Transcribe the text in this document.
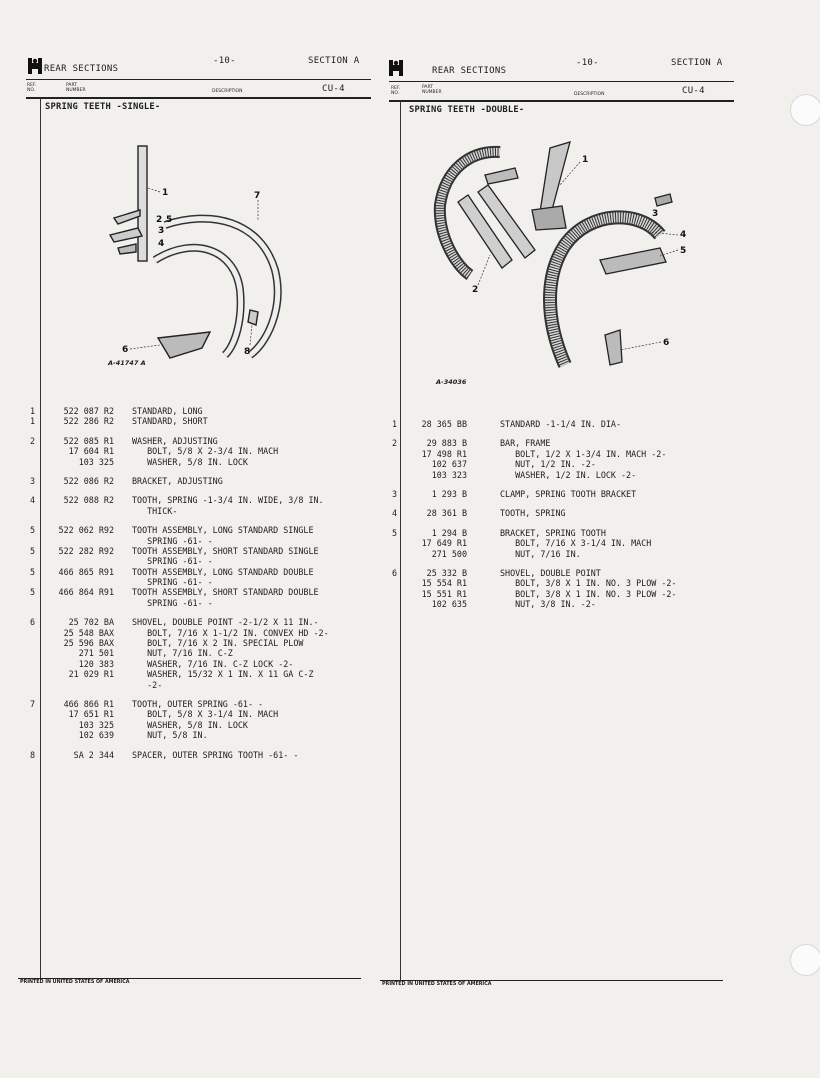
-10-	SECTION A
REAR SECTIONS
CU-4
REF.
NO.
PART
NUMBER	DESCRIPTION
SPRING TEETH -SINGLE-
1
2 5
3
4
7
6	8
A-41747 A
1	522 087 R2 STANDARD, LONG
1	522 286 R2 STANDARD, SHORT
2	522 085 R1 WASHER, ADJUSTING
17 604 R1 BOLT, 5/8 X 2-3/4 IN. MACH
103 325 WASHER, 5/8 IN. LOCK
3	522 086 R2 BRACKET, ADJUSTING
4	522 088 R2 TOOTH, SPRING -1-3/4 IN. WIDE, 3/8 IN.
THICK-
5	522 062 R92 TOOTH ASSEMBLY, LONG STANDARD SINGLE
SPRING -61- -
5	522 282 R92 TOOTH ASSEMBLY, SHORT STANDARD SINGLE
SPRING -61- -
5	466 865 R91 TOOTH ASSEMBLY, LONG STANDARD DOUBLE
SPRING -61- -
5	466 864 R91 TOOTH ASSEMBLY, SHORT STANDARD DOUBLE
SPRING -61- -
6	25 702 BA SHOVEL, DOUBLE POINT -2-1/2 X 11 IN.-
25 548 BAX BOLT, 7/16 X 1-1/2 IN. CONVEX HD -2-
25 596 BAX BOLT, 7/16 X 2 IN. SPECIAL PLOW
271 501 NUT, 7/16 IN. C-Z
120 383 WASHER, 7/16 IN. C-Z LOCK -2-
21 029 R1 WASHER, 15/32 X 1 IN. X 11 GA C-Z
-2-
7	466 866 R1 TOOTH, OUTER SPRING -61- -
17 651 R1 BOLT, 5/8 X 3-1/4 IN. MACH
103 325 WASHER, 5/8 IN. LOCK
102 639 NUT, 5/8 IN.
8	SA 2 344 SPACER, OUTER SPRING TOOTH -61- -
PRINTED IN UNITED STATES OF AMERICA
-10-	SECTION A
REAR SECTIONS
CU-4
REF.
NO.
PART
NUMBER	DESCRIPTION
SPRING TEETH -DOUBLE-
1
2
3
4
5
6
A-34036
1	28 365 BB	STANDARD -1-1/4 IN. DIA-
2	29 883 B	BAR, FRAME
17 498 R1	BOLT, 1/2 X 1-3/4 IN. MACH -2-
102 637	NUT, 1/2 IN. -2-
103 323	WASHER, 1/2 IN. LOCK -2-
3	1 293 B	CLAMP, SPRING TOOTH BRACKET
4	28 361 B	TOOTH, SPRING
5	1 294 B	BRACKET, SPRING TOOTH
17 649 R1	BOLT, 7/16 X 3-1/4 IN. MACH
271 500	NUT, 7/16 IN.
6	25 332 B	SHOVEL, DOUBLE POINT
15 554 R1	BOLT, 3/8 X 1 IN. NO. 3 PLOW -2-
15 551 R1	BOLT, 3/8 X 1 IN. NO. 3 PLOW -2-
102 635	NUT, 3/8 IN. -2-
PRINTED IN UNITED STATES OF AMERICA
